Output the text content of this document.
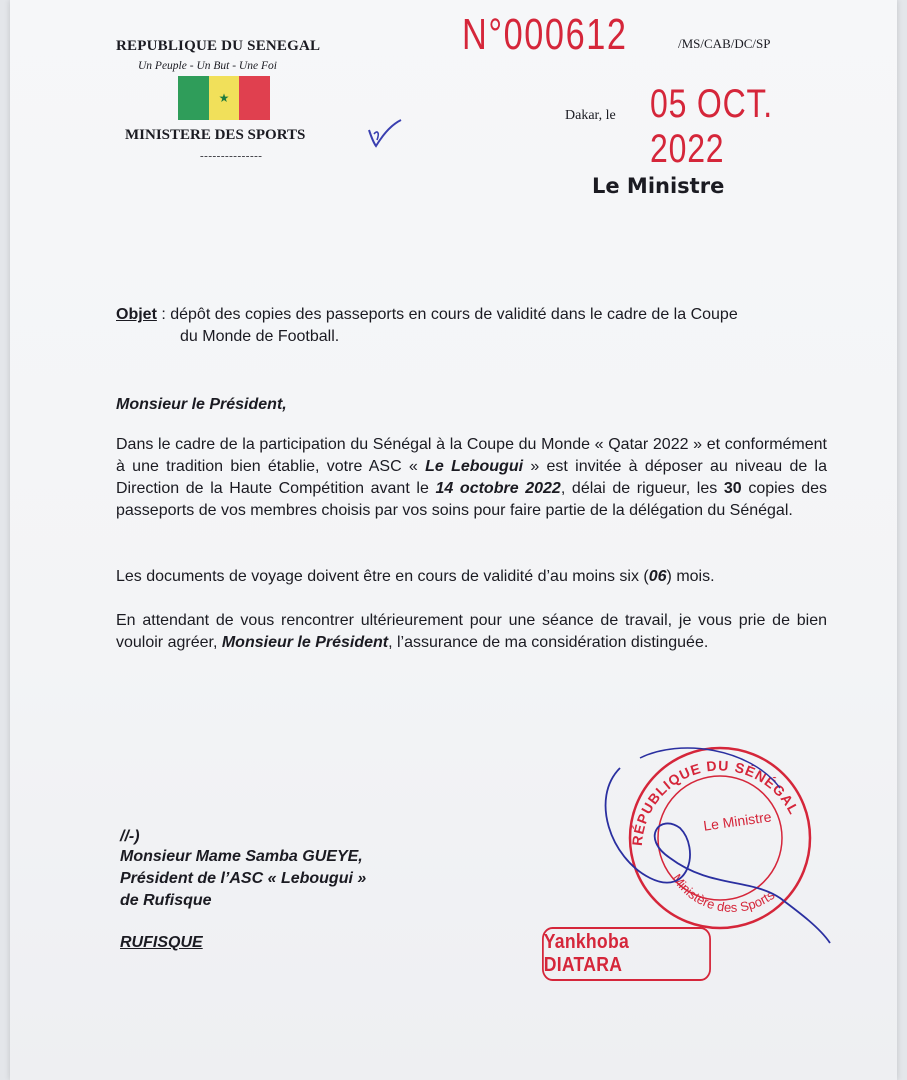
REPUBLIQUE DU SENEGAL
Un Peuple - Un But - Une Foi
★
MINISTERE DES SPORTS
---------------
N°000612	/MS/CAB/DC/SP
Dakar, le 05 OCT. 2022
Le Ministre
Objet : dépôt des copies des passeports en cours de validité dans le cadre de la Coupe
du Monde de Football.
Monsieur le Président,
Dans le cadre de la participation du Sénégal à la Coupe du Monde « Qatar 2022 » et conformément à une tradition bien établie, votre ASC « Le Lebougui » est invitée à déposer au niveau de la Direction de la Haute Compétition avant le 14 octobre 2022, délai de rigueur, les 30 copies des passeports de vos membres choisis par vos soins pour faire partie de la délégation du Sénégal.
Les documents de voyage doivent être en cours de validité d’au moins six (06) mois.
En attendant de vous rencontrer ultérieurement pour une séance de travail, je vous prie de bien vouloir agréer, Monsieur le Président, l’assurance de ma considération distinguée.
//-)
Monsieur Mame Samba GUEYE,
Président de l’ASC « Lebougui »
de Rufisque
RUFISQUE
RÉPUBLIQUE DU SÉNÉGAL
Le Ministre
Ministère des Sports
Yankhoba DIATARA
